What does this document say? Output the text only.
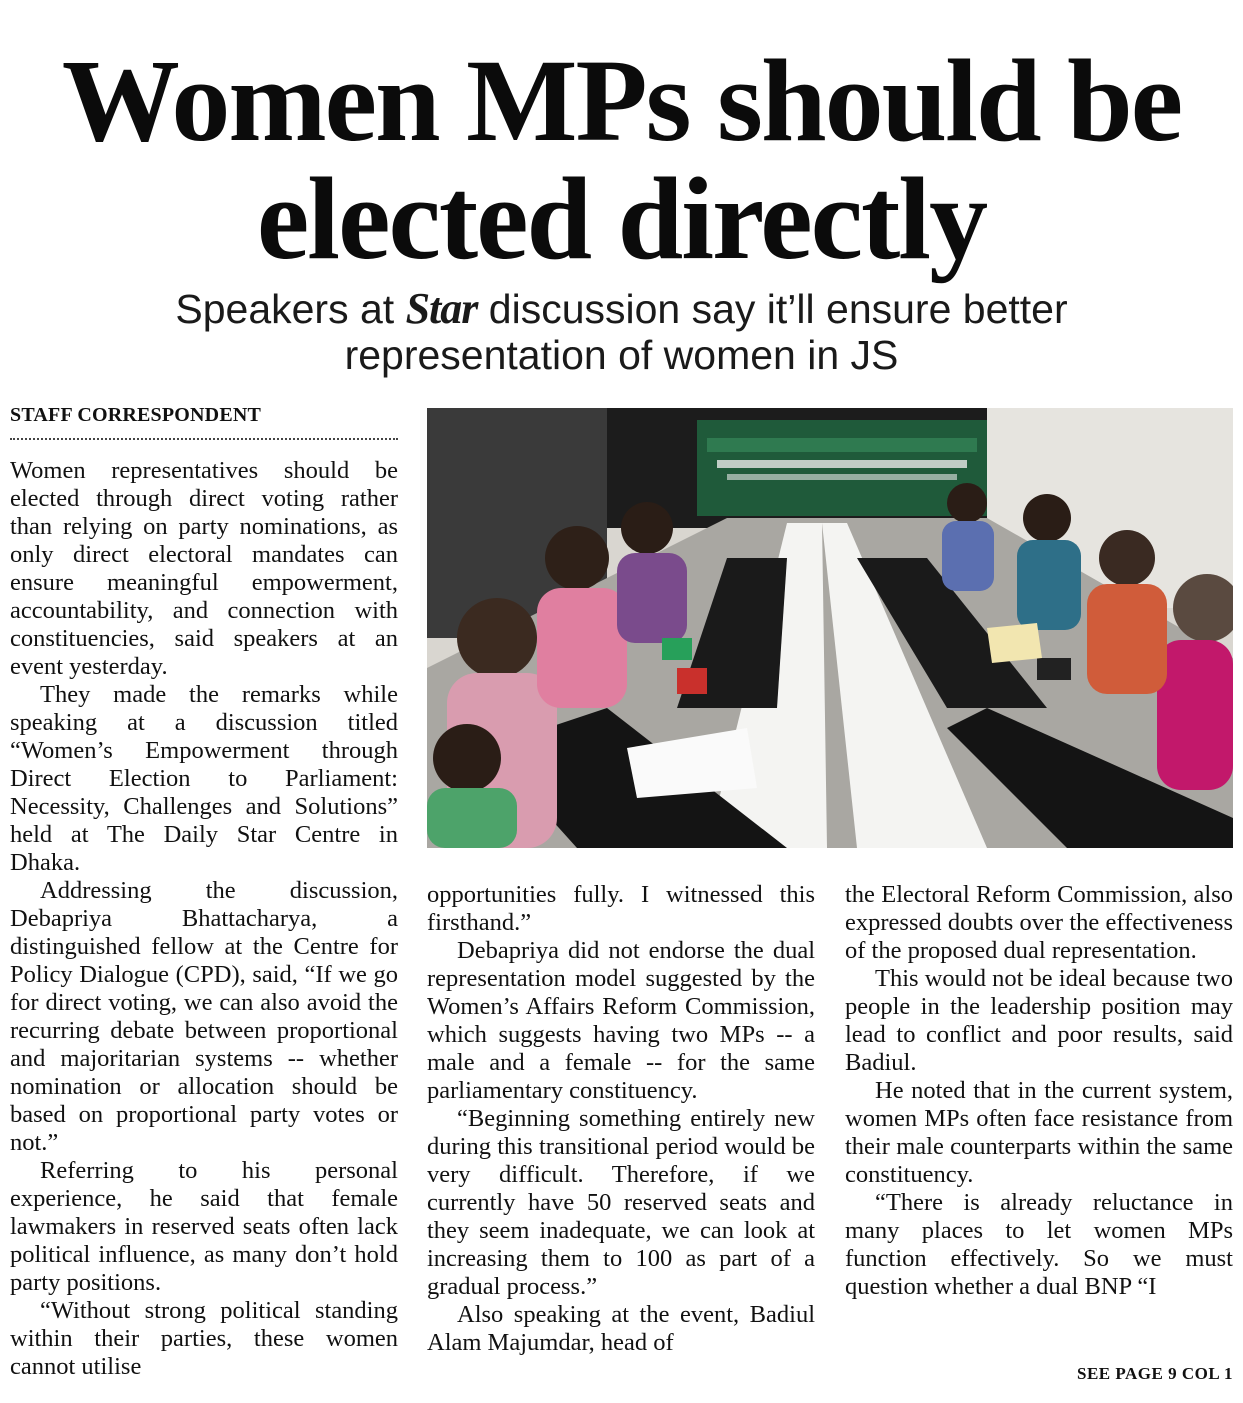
Women MPs should be
elected directly
Speakers at Star discussion say it’ll ensure better
representation of women in JS
STAFF CORRESPONDENT

Women representatives should be elected through direct voting rather than relying on party nominations, as only direct electoral mandates can ensure meaningful empowerment, accountability, and connection with constituencies, said speakers at an event yesterday.

They made the remarks while speaking at a discussion titled “Women’s Empowerment through Direct Election to Parliament: Necessity, Challenges and Solutions” held at The Daily Star Centre in Dhaka.

Addressing the discussion, Debapriya Bhattacharya, a distinguished fellow at the Centre for Policy Dialogue (CPD), said, “If we go for direct voting, we can also avoid the recurring debate between proportional and majoritarian systems -- whether nomination or allocation should be based on proportional party votes or not.”

Referring to his personal experience, he said that female lawmakers in reserved seats often lack political influence, as many don’t hold party positions.

“Without strong political standing within their parties, these women cannot utilise

opportunities fully. I witnessed this firsthand.”

Debapriya did not endorse the dual representation model suggested by the Women’s Affairs Reform Commission, which suggests having two MPs -- a male and a female -- for the same parliamentary constituency.

“Beginning something entirely new during this transitional period would be very difficult. Therefore, if we currently have 50 reserved seats and they seem inadequate, we can look at increasing them to 100 as part of a gradual process.”

Also speaking at the event, Badiul Alam Majumdar, head of

the Electoral Reform Commission, also expressed doubts over the effectiveness of the proposed dual representation.

This would not be ideal because two people in the leadership position may lead to conflict and poor results, said Badiul.

He noted that in the current system, women MPs often face resistance from their male counterparts within the same constituency.

“There is already reluctance in many places to let women MPs function effectively. So we must question whether a dual BNP “I

SEE PAGE 9 COL 1
